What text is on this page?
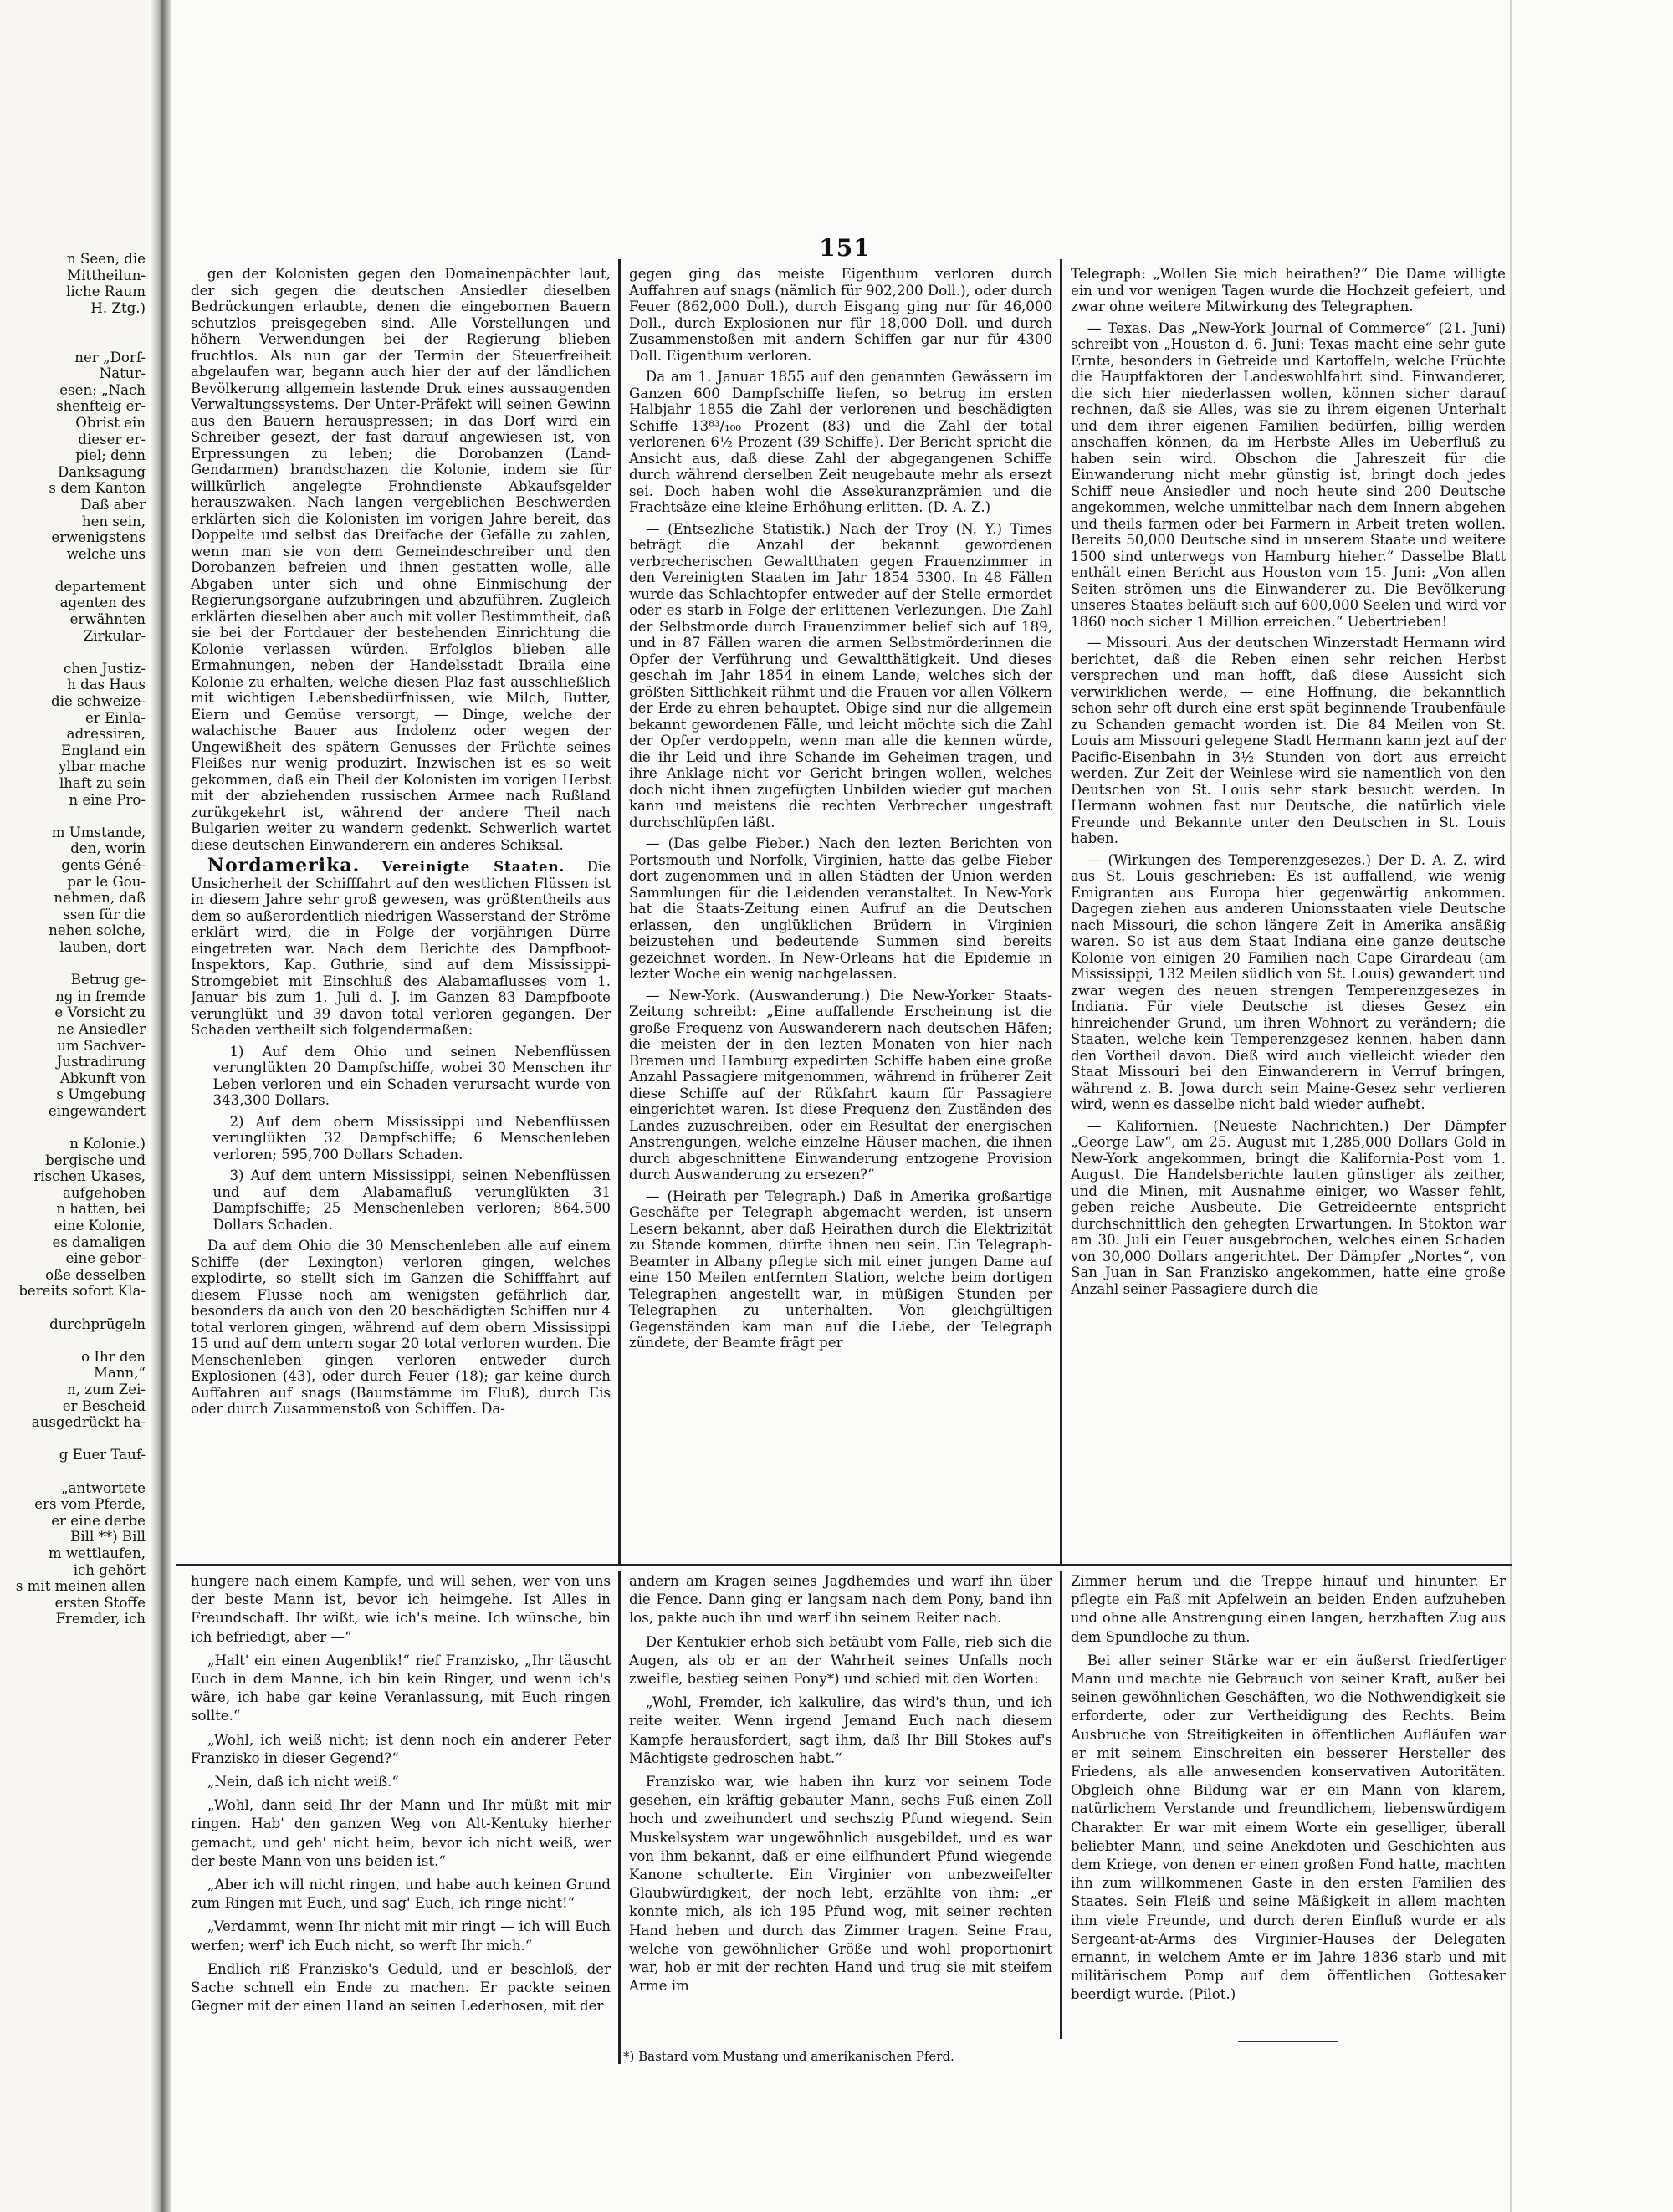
n Seen, die
Mittheilun-
liche Raum
H. Ztg.)

ner „Dorf-
Natur-
esen: „Nach
shenfteig er-
Obrist ein
dieser er-
piel; denn
Danksagung
s dem Kanton
Daß aber
hen sein,
erwenigstens
welche uns

departement
agenten des
erwähnten
Zirkular-

chen Justiz-
h das Haus
die schweize-
er Einla-
adressiren,
England ein
ylbar mache
lhaft zu sein
n eine Pro-

m Umstande,
den, worin
gents Géné-
par le Gou-
nehmen, daß
ssen für die
nehen solche,
lauben, dort

Betrug ge-
ng in fremde
e Vorsicht zu
ne Ansiedler
um Sachver-
Justradirung
Abkunft von
s Umgebung
eingewandert

n Kolonie.)
bergische und
rischen Ukases,
aufgehoben
n hatten, bei
eine Kolonie,
es damaligen
eine gebor-
oße desselben
bereits sofort Kla-

durchprügeln

o Ihr den
Mann,“
n, zum Zei-
er Bescheid
ausgedrückt ha-

g Euer Tauf-

„antwortete
ers vom Pferde,
er eine derbe
Bill **) Bill
m wettlaufen,
ich gehört
s mit meinen allen
ersten Stoffe
Fremder, ich
151

gen der Kolonisten gegen den Domainenpächter laut, der sich gegen die deutschen Ansiedler dieselben Bedrückungen erlaubte, denen die eingebornen Bauern schutzlos preisgegeben sind. Alle Vorstellungen und höhern Verwendungen bei der Regierung blieben fruchtlos. Als nun gar der Termin der Steuerfreiheit abgelaufen war, begann auch hier der auf der ländlichen Bevölkerung allgemein lastende Druk eines aussaugenden Verwaltungssystems. Der Unter-Präfekt will seinen Gewinn aus den Bauern herauspressen; in das Dorf wird ein Schreiber gesezt, der fast darauf angewiesen ist, von Erpressungen zu leben; die Dorobanzen (Land-Gendarmen) brandschazen die Kolonie, indem sie für willkürlich angelegte Frohndienste Abkaufsgelder herauszwaken. Nach langen vergeblichen Beschwerden erklärten sich die Kolonisten im vorigen Jahre bereit, das Doppelte und selbst das Dreifache der Gefälle zu zahlen, wenn man sie von dem Gemeindeschreiber und den Dorobanzen befreien und ihnen gestatten wolle, alle Abgaben unter sich und ohne Einmischung der Regierungsorgane aufzubringen und abzuführen. Zugleich erklärten dieselben aber auch mit voller Bestimmtheit, daß sie bei der Fortdauer der bestehenden Einrichtung die Kolonie verlassen würden. Erfolglos blieben alle Ermahnungen, neben der Handelsstadt Ibraila eine Kolonie zu erhalten, welche diesen Plaz fast ausschließlich mit wichtigen Lebensbedürfnissen, wie Milch, Butter, Eiern und Gemüse versorgt, — Dinge, welche der walachische Bauer aus Indolenz oder wegen der Ungewißheit des spätern Genusses der Früchte seines Fleißes nur wenig produzirt. Inzwischen ist es so weit gekommen, daß ein Theil der Kolonisten im vorigen Herbst mit der abziehenden russischen Armee nach Rußland zurükgekehrt ist, während der andere Theil nach Bulgarien weiter zu wandern gedenkt. Schwerlich wartet diese deutschen Einwanderern ein anderes Schiksal.

Nordamerika. Vereinigte Staaten. Die Unsicherheit der Schifffahrt auf den westlichen Flüssen ist in diesem Jahre sehr groß gewesen, was größtentheils aus dem so außerordentlich niedrigen Wasserstand der Ströme erklärt wird, die in Folge der vorjährigen Dürre eingetreten war. Nach dem Berichte des Dampfboot-Inspektors, Kap. Guthrie, sind auf dem Mississippi-Stromgebiet mit Einschluß des Alabamaflusses vom 1. Januar bis zum 1. Juli d. J. im Ganzen 83 Dampfboote verunglükt und 39 davon total verloren gegangen. Der Schaden vertheilt sich folgendermaßen:

1) Auf dem Ohio und seinen Nebenflüssen verunglükten 20 Dampfschiffe, wobei 30 Menschen ihr Leben verloren und ein Schaden verursacht wurde von 343,300 Dollars.

2) Auf dem obern Mississippi und Nebenflüssen verunglükten 32 Dampfschiffe; 6 Menschenleben verloren; 595,700 Dollars Schaden.

3) Auf dem untern Mississippi, seinen Nebenflüssen und auf dem Alabamafluß verunglükten 31 Dampfschiffe; 25 Menschenleben verloren; 864,500 Dollars Schaden.

Da auf dem Ohio die 30 Menschenleben alle auf einem Schiffe (der Lexington) verloren gingen, welches explodirte, so stellt sich im Ganzen die Schifffahrt auf diesem Flusse noch am wenigsten gefährlich dar, besonders da auch von den 20 beschädigten Schiffen nur 4 total verloren gingen, während auf dem obern Mississippi 15 und auf dem untern sogar 20 total verloren wurden. Die Menschenleben gingen verloren entweder durch Explosionen (43), oder durch Feuer (18); gar keine durch Auffahren auf snags (Baumstämme im Fluß), durch Eis oder durch Zusammenstoß von Schiffen. Da-

gegen ging das meiste Eigenthum verloren durch Auffahren auf snags (nämlich für 902,200 Doll.), oder durch Feuer (862,000 Doll.), durch Eisgang ging nur für 46,000 Doll., durch Explosionen nur für 18,000 Doll. und durch Zusammenstoßen mit andern Schiffen gar nur für 4300 Doll. Eigenthum verloren.

Da am 1. Januar 1855 auf den genannten Gewässern im Ganzen 600 Dampfschiffe liefen, so betrug im ersten Halbjahr 1855 die Zahl der verlorenen und beschädigten Schiffe 13⁸³/₁₀₀ Prozent (83) und die Zahl der total verlorenen 6½ Prozent (39 Schiffe). Der Bericht spricht die Ansicht aus, daß diese Zahl der abgegangenen Schiffe durch während derselben Zeit neugebaute mehr als ersezt sei. Doch haben wohl die Assekuranzprämien und die Frachtsäze eine kleine Erhöhung erlitten. (D. A. Z.)

— (Entsezliche Statistik.) Nach der Troy (N. Y.) Times beträgt die Anzahl der bekannt gewordenen verbrecherischen Gewaltthaten gegen Frauenzimmer in den Vereinigten Staaten im Jahr 1854 5300. In 48 Fällen wurde das Schlachtopfer entweder auf der Stelle ermordet oder es starb in Folge der erlittenen Verlezungen. Die Zahl der Selbstmorde durch Frauenzimmer belief sich auf 189, und in 87 Fällen waren die armen Selbstmörderinnen die Opfer der Verführung und Gewaltthätigkeit. Und dieses geschah im Jahr 1854 in einem Lande, welches sich der größten Sittlichkeit rühmt und die Frauen vor allen Völkern der Erde zu ehren behauptet. Obige sind nur die allgemein bekannt gewordenen Fälle, und leicht möchte sich die Zahl der Opfer verdoppeln, wenn man alle die kennen würde, die ihr Leid und ihre Schande im Geheimen tragen, und ihre Anklage nicht vor Gericht bringen wollen, welches doch nicht ihnen zugefügten Unbilden wieder gut machen kann und meistens die rechten Verbrecher ungestraft durchschlüpfen läßt.

— (Das gelbe Fieber.) Nach den lezten Berichten von Portsmouth und Norfolk, Virginien, hatte das gelbe Fieber dort zugenommen und in allen Städten der Union werden Sammlungen für die Leidenden veranstaltet. In New-York hat die Staats-Zeitung einen Aufruf an die Deutschen erlassen, den unglüklichen Brüdern in Virginien beizustehen und bedeutende Summen sind bereits gezeichnet worden. In New-Orleans hat die Epidemie in lezter Woche ein wenig nachgelassen.

— New-York. (Auswanderung.) Die New-Yorker Staats-Zeitung schreibt: „Eine auffallende Erscheinung ist die große Frequenz von Auswanderern nach deutschen Häfen; die meisten der in den lezten Monaten von hier nach Bremen und Hamburg expedirten Schiffe haben eine große Anzahl Passagiere mitgenommen, während in früherer Zeit diese Schiffe auf der Rükfahrt kaum für Passagiere eingerichtet waren. Ist diese Frequenz den Zuständen des Landes zuzuschreiben, oder ein Resultat der energischen Anstrengungen, welche einzelne Häuser machen, die ihnen durch abgeschnittene Einwanderung entzogene Provision durch Auswanderung zu ersezen?“

— (Heirath per Telegraph.) Daß in Amerika großartige Geschäfte per Telegraph abgemacht werden, ist unsern Lesern bekannt, aber daß Heirathen durch die Elektrizität zu Stande kommen, dürfte ihnen neu sein. Ein Telegraph-Beamter in Albany pflegte sich mit einer jungen Dame auf eine 150 Meilen entfernten Station, welche beim dortigen Telegraphen angestellt war, in müßigen Stunden per Telegraphen zu unterhalten. Von gleichgültigen Gegenständen kam man auf die Liebe, der Telegraph zündete, der Beamte frägt per

Telegraph: „Wollen Sie mich heirathen?“ Die Dame willigte ein und vor wenigen Tagen wurde die Hochzeit gefeiert, und zwar ohne weitere Mitwirkung des Telegraphen.

— Texas. Das „New-York Journal of Commerce“ (21. Juni) schreibt von „Houston d. 6. Juni: Texas macht eine sehr gute Ernte, besonders in Getreide und Kartoffeln, welche Früchte die Hauptfaktoren der Landeswohlfahrt sind. Einwanderer, die sich hier niederlassen wollen, können sicher darauf rechnen, daß sie Alles, was sie zu ihrem eigenen Unterhalt und dem ihrer eigenen Familien bedürfen, billig werden anschaffen können, da im Herbste Alles im Ueberfluß zu haben sein wird. Obschon die Jahreszeit für die Einwanderung nicht mehr günstig ist, bringt doch jedes Schiff neue Ansiedler und noch heute sind 200 Deutsche angekommen, welche unmittelbar nach dem Innern abgehen und theils farmen oder bei Farmern in Arbeit treten wollen. Bereits 50,000 Deutsche sind in unserem Staate und weitere 1500 sind unterwegs von Hamburg hieher.“ Dasselbe Blatt enthält einen Bericht aus Houston vom 15. Juni: „Von allen Seiten strömen uns die Einwanderer zu. Die Bevölkerung unseres Staates beläuft sich auf 600,000 Seelen und wird vor 1860 noch sicher 1 Million erreichen.“ Uebertrieben!

— Missouri. Aus der deutschen Winzerstadt Hermann wird berichtet, daß die Reben einen sehr reichen Herbst versprechen und man hofft, daß diese Aussicht sich verwirklichen werde, — eine Hoffnung, die bekanntlich schon sehr oft durch eine erst spät beginnende Traubenfäule zu Schanden gemacht worden ist. Die 84 Meilen von St. Louis am Missouri gelegene Stadt Hermann kann jezt auf der Pacific-Eisenbahn in 3½ Stunden von dort aus erreicht werden. Zur Zeit der Weinlese wird sie namentlich von den Deutschen von St. Louis sehr stark besucht werden. In Hermann wohnen fast nur Deutsche, die natürlich viele Freunde und Bekannte unter den Deutschen in St. Louis haben.

— (Wirkungen des Temperenzgesezes.) Der D. A. Z. wird aus St. Louis geschrieben: Es ist auffallend, wie wenig Emigranten aus Europa hier gegenwärtig ankommen. Dagegen ziehen aus anderen Unionsstaaten viele Deutsche nach Missouri, die schon längere Zeit in Amerika ansäßig waren. So ist aus dem Staat Indiana eine ganze deutsche Kolonie von einigen 20 Familien nach Cape Girardeau (am Mississippi, 132 Meilen südlich von St. Louis) gewandert und zwar wegen des neuen strengen Temperenzgesezes in Indiana. Für viele Deutsche ist dieses Gesez ein hinreichender Grund, um ihren Wohnort zu verändern; die Staaten, welche kein Temperenzgesez kennen, haben dann den Vortheil davon. Dieß wird auch vielleicht wieder den Staat Missouri bei den Einwanderern in Verruf bringen, während z. B. Jowa durch sein Maine-Gesez sehr verlieren wird, wenn es dasselbe nicht bald wieder aufhebt.

— Kalifornien. (Neueste Nachrichten.) Der Dämpfer „George Law“, am 25. August mit 1,285,000 Dollars Gold in New-York angekommen, bringt die Kalifornia-Post vom 1. August. Die Handelsberichte lauten günstiger als zeither, und die Minen, mit Ausnahme einiger, wo Wasser fehlt, geben reiche Ausbeute. Die Getreideernte entspricht durchschnittlich den gehegten Erwartungen. In Stokton war am 30. Juli ein Feuer ausgebrochen, welches einen Schaden von 30,000 Dollars angerichtet. Der Dämpfer „Nortes“, von San Juan in San Franzisko angekommen, hatte eine große Anzahl seiner Passagiere durch die

hungere nach einem Kampfe, und will sehen, wer von uns der beste Mann ist, bevor ich heimgehe. Ist Alles in Freundschaft. Ihr wißt, wie ich's meine. Ich wünsche, bin ich befriedigt, aber —“

„Halt' ein einen Augenblik!“ rief Franzisko, „Ihr täuscht Euch in dem Manne, ich bin kein Ringer, und wenn ich's wäre, ich habe gar keine Veranlassung, mit Euch ringen sollte.“

„Wohl, ich weiß nicht; ist denn noch ein anderer Peter Franzisko in dieser Gegend?“

„Nein, daß ich nicht weiß.“

„Wohl, dann seid Ihr der Mann und Ihr müßt mit mir ringen. Hab' den ganzen Weg von Alt-Kentuky hierher gemacht, und geh' nicht heim, bevor ich nicht weiß, wer der beste Mann von uns beiden ist.“

„Aber ich will nicht ringen, und habe auch keinen Grund zum Ringen mit Euch, und sag' Euch, ich ringe nicht!“

„Verdammt, wenn Ihr nicht mit mir ringt — ich will Euch werfen; werf' ich Euch nicht, so werft Ihr mich.“

Endlich riß Franzisko's Geduld, und er beschloß, der Sache schnell ein Ende zu machen. Er packte seinen Gegner mit der einen Hand an seinen Lederhosen, mit der

andern am Kragen seines Jagdhemdes und warf ihn über die Fence. Dann ging er langsam nach dem Pony, band ihn los, pakte auch ihn und warf ihn seinem Reiter nach.

Der Kentukier erhob sich betäubt vom Falle, rieb sich die Augen, als ob er an der Wahrheit seines Unfalls noch zweifle, bestieg seinen Pony*) und schied mit den Worten:

„Wohl, Fremder, ich kalkulire, das wird's thun, und ich reite weiter. Wenn irgend Jemand Euch nach diesem Kampfe herausfordert, sagt ihm, daß Ihr Bill Stokes auf's Mächtigste gedroschen habt.“

Franzisko war, wie haben ihn kurz vor seinem Tode gesehen, ein kräftig gebauter Mann, sechs Fuß einen Zoll hoch und zweihundert und sechszig Pfund wiegend. Sein Muskelsystem war ungewöhnlich ausgebildet, und es war von ihm bekannt, daß er eine eilfhundert Pfund wiegende Kanone schulterte. Ein Virginier von unbezweifelter Glaubwürdigkeit, der noch lebt, erzählte von ihm: „er konnte mich, als ich 195 Pfund wog, mit seiner rechten Hand heben und durch das Zimmer tragen. Seine Frau, welche von gewöhnlicher Größe und wohl proportionirt war, hob er mit der rechten Hand und trug sie mit steifem Arme im

*) Bastard vom Mustang und amerikanischen Pferd.

Zimmer herum und die Treppe hinauf und hinunter. Er pflegte ein Faß mit Apfelwein an beiden Enden aufzuheben und ohne alle Anstrengung einen langen, herzhaften Zug aus dem Spundloche zu thun.

Bei aller seiner Stärke war er ein äußerst friedfertiger Mann und machte nie Gebrauch von seiner Kraft, außer bei seinen gewöhnlichen Geschäften, wo die Nothwendigkeit sie erforderte, oder zur Vertheidigung des Rechts. Beim Ausbruche von Streitigkeiten in öffentlichen Aufläufen war er mit seinem Einschreiten ein besserer Hersteller des Friedens, als alle anwesenden konservativen Autoritäten. Obgleich ohne Bildung war er ein Mann von klarem, natürlichem Verstande und freundlichem, liebenswürdigem Charakter. Er war mit einem Worte ein geselliger, überall beliebter Mann, und seine Anekdoten und Geschichten aus dem Kriege, von denen er einen großen Fond hatte, machten ihn zum willkommenen Gaste in den ersten Familien des Staates. Sein Fleiß und seine Mäßigkeit in allem machten ihm viele Freunde, und durch deren Einfluß wurde er als Sergeant-at-Arms des Virginier-Hauses der Delegaten ernannt, in welchem Amte er im Jahre 1836 starb und mit militärischem Pomp auf dem öffentlichen Gottesaker beerdigt wurde. (Pilot.)
